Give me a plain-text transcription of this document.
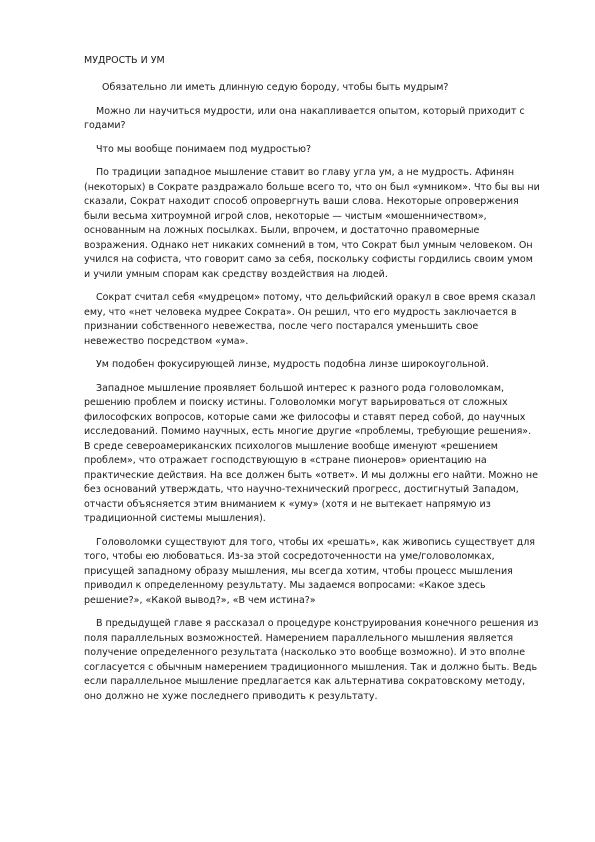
МУДРОСТЬ И УМ

Обязательно ли иметь длинную седую бороду, чтобы быть мудрым?

Можно ли научиться мудрости, или она накапливается опытом, который приходит с годами?

Что мы вообще понимаем под мудростью?

По традиции западное мышление ставит во главу угла ум, а не мудрость. Афинян (некоторых) в Сократе раздражало больше всего то, что он был «умником». Что бы вы ни сказали, Сократ находит способ опровергнуть ваши слова. Некоторые опровержения были весьма хитроумной игрой слов, некоторые — чистым «мошенничеством», основанным на ложных посылках. Были, впрочем, и достаточно правомерные возражения. Однако нет никаких сомнений в том, что Сократ был умным человеком. Он учился на софиста, что говорит само за себя, поскольку софисты гордились своим умом и учили умным спорам как средству воздействия на людей.

Сократ считал себя «мудрецом» потому, что дельфийский оракул в свое время сказал ему, что «нет человека мудрее Сократа». Он решил, что его мудрость заключается в признании собственного невежества, после чего постарался уменьшить свое невежество посредством «ума».

Ум подобен фокусирующей линзе, мудрость подобна линзе широкоугольной.

Западное мышление проявляет большой интерес к разного рода головоломкам, решению проблем и поиску истины. Головоломки могут варьироваться от сложных философских вопросов, которые сами же философы и ставят перед собой, до научных исследований. Помимо научных, есть многие другие «проблемы, требующие решения». В среде североамериканских психологов мышление вообще именуют «решением проблем», что отражает господствующую в «стране пионеров» ориентацию на практические действия. На все должен быть «ответ». И мы должны его найти. Можно не без оснований утверждать, что научно-технический прогресс, достигнутый Западом, отчасти объясняется этим вниманием к «уму» (хотя и не вытекает напрямую из традиционной системы мышления).

Головоломки существуют для того, чтобы их «решать», как живопись существует для того, чтобы ею любоваться. Из-за этой сосредоточенности на уме/головоломках, присущей западному образу мышления, мы всегда хотим, чтобы процесс мышления приводил к определенному результату. Мы задаемся вопросами: «Какое здесь решение?», «Какой вывод?», «В чем истина?»

В предыдущей главе я рассказал о процедуре конструирования конечного решения из поля параллельных возможностей. Намерением параллельного мышления является получение определенного результата (насколько это вообще возможно). И это вполне согласуется с обычным намерением традиционного мышления. Так и должно быть. Ведь если параллельное мышление предлагается как альтернатива сократовскому методу, оно должно не хуже последнего приводить к результату.
